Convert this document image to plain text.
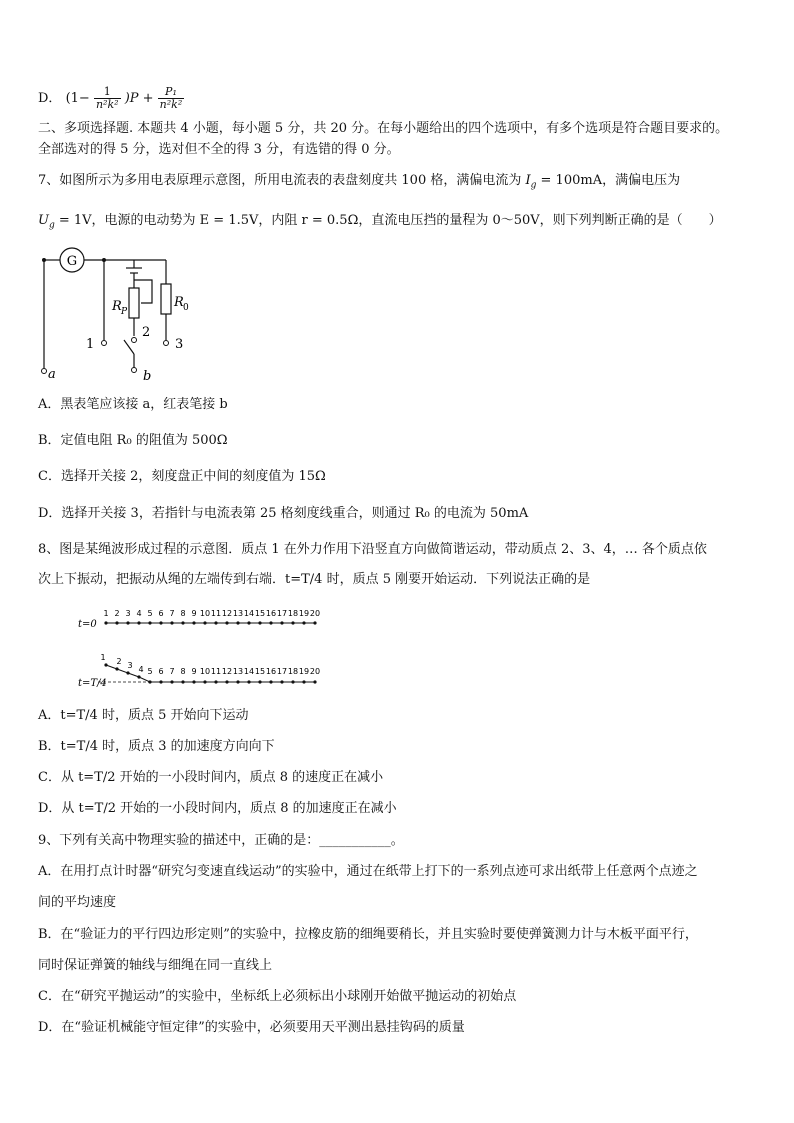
D． $(1- \frac{1}{\text{n²k²}} )P + \frac{\text{P₁}}{\text{n²k²}}$
二、多项选择题. 本题共 4 小题，每小题 5 分，共 20 分。在每小题给出的四个选项中，有多个选项是符合题目要求的。
全部选对的得 5 分，选对但不全的得 3 分，有选错的得 0 分。
7、如图所示为多用电表原理示意图，所用电流表的表盘刻度共 100 格，满偏电流为 $I_g = 100mA$，满偏电压为
$U_g = 1V$，电源的电动势为 E = 1.5V，内阻 r = 0.5Ω，直流电压挡的量程为 0～50V，则下列判断正确的是（　　）
G
R P
R 0
1
2
3
a	b
A．黑表笔应该接 a，红表笔接 b
B．定值电阻 R₀ 的阻值为 500Ω
C．选择开关接 2，刻度盘正中间的刻度值为 15Ω
D．选择开关接 3，若指针与电流表第 25 格刻度线重合，则通过 R₀ 的电流为 50mA
8、图是某绳波形成过程的示意图．质点 1 在外力作用下沿竖直方向做简谐运动，带动质点 2、3、4，… 各个质点依
次上下振动，把振动从绳的左端传到右端．t=T/4 时，质点 5 刚要开始运动．下列说法正确的是
t=0
t=T/4
1 2 3 4 5 6 7 8 9 10 11 12 13 14 15 16 17 18 19 20
1 2 3 4 5 6 7 8 9 10 11 12 13 14 15 16 17 18 19 20
A．t=T/4 时，质点 5 开始向下运动
B．t=T/4 时，质点 3 的加速度方向向下
C．从 t=T/2 开始的一小段时间内，质点 8 的速度正在减小
D．从 t=T/2 开始的一小段时间内，质点 8 的加速度正在减小
9、下列有关高中物理实验的描述中，正确的是：___________。
A．在用打点计时器“研究匀变速直线运动”的实验中，通过在纸带上打下的一系列点迹可求出纸带上任意两个点迹之
间的平均速度
B．在“验证力的平行四边形定则”的实验中，拉橡皮筋的细绳要稍长，并且实验时要使弹簧测力计与木板平面平行，
同时保证弹簧的轴线与细绳在同一直线上
C．在“研究平抛运动”的实验中，坐标纸上必须标出小球刚开始做平抛运动的初始点
D．在“验证机械能守恒定律”的实验中，必须要用天平测出悬挂钩码的质量
